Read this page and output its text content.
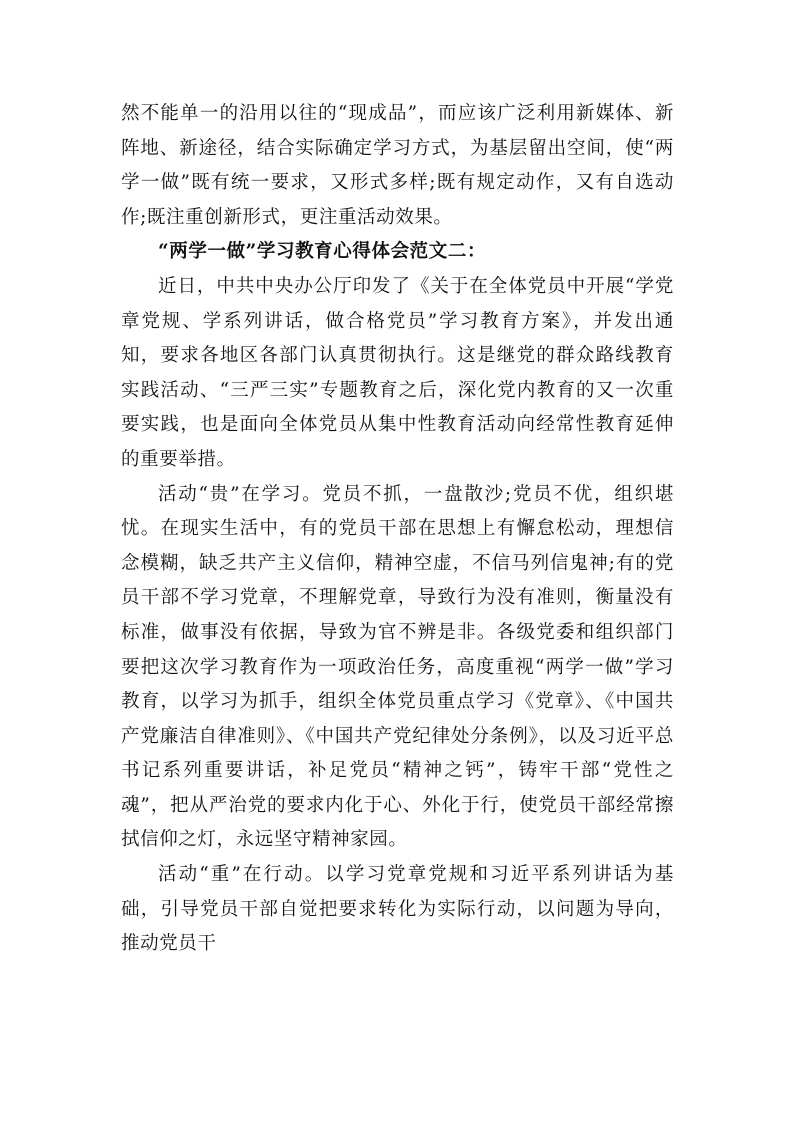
然不能单一的沿用以往的“现成品”，而应该广泛利用新媒体、新阵地、新途径，结合实际确定学习方式，为基层留出空间，使“两学一做”既有统一要求，又形式多样;既有规定动作，又有自选动作;既注重创新形式，更注重活动效果。

“两学一做”学习教育心得体会范文二：

近日，中共中央办公厅印发了《关于在全体党员中开展“学党章党规、学系列讲话，做合格党员”学习教育方案》，并发出通知，要求各地区各部门认真贯彻执行。这是继党的群众路线教育实践活动、“三严三实”专题教育之后，深化党内教育的又一次重要实践，也是面向全体党员从集中性教育活动向经常性教育延伸的重要举措。

活动“贵”在学习。党员不抓，一盘散沙;党员不优，组织堪忧。在现实生活中，有的党员干部在思想上有懈怠松动，理想信念模糊，缺乏共产主义信仰，精神空虚，不信马列信鬼神;有的党员干部不学习党章，不理解党章，导致行为没有准则，衡量没有标准，做事没有依据，导致为官不辨是非。各级党委和组织部门要把这次学习教育作为一项政治任务，高度重视“两学一做”学习教育，以学习为抓手，组织全体党员重点学习《党章》、《中国共产党廉洁自律准则》、《中国共产党纪律处分条例》，以及习近平总书记系列重要讲话，补足党员“精神之钙”，铸牢干部“党性之魂”，把从严治党的要求内化于心、外化于行，使党员干部经常擦拭信仰之灯，永远坚守精神家园。

活动“重”在行动。以学习党章党规和习近平系列讲话为基础，引导党员干部自觉把要求转化为实际行动，以问题为导向，推动党员干
